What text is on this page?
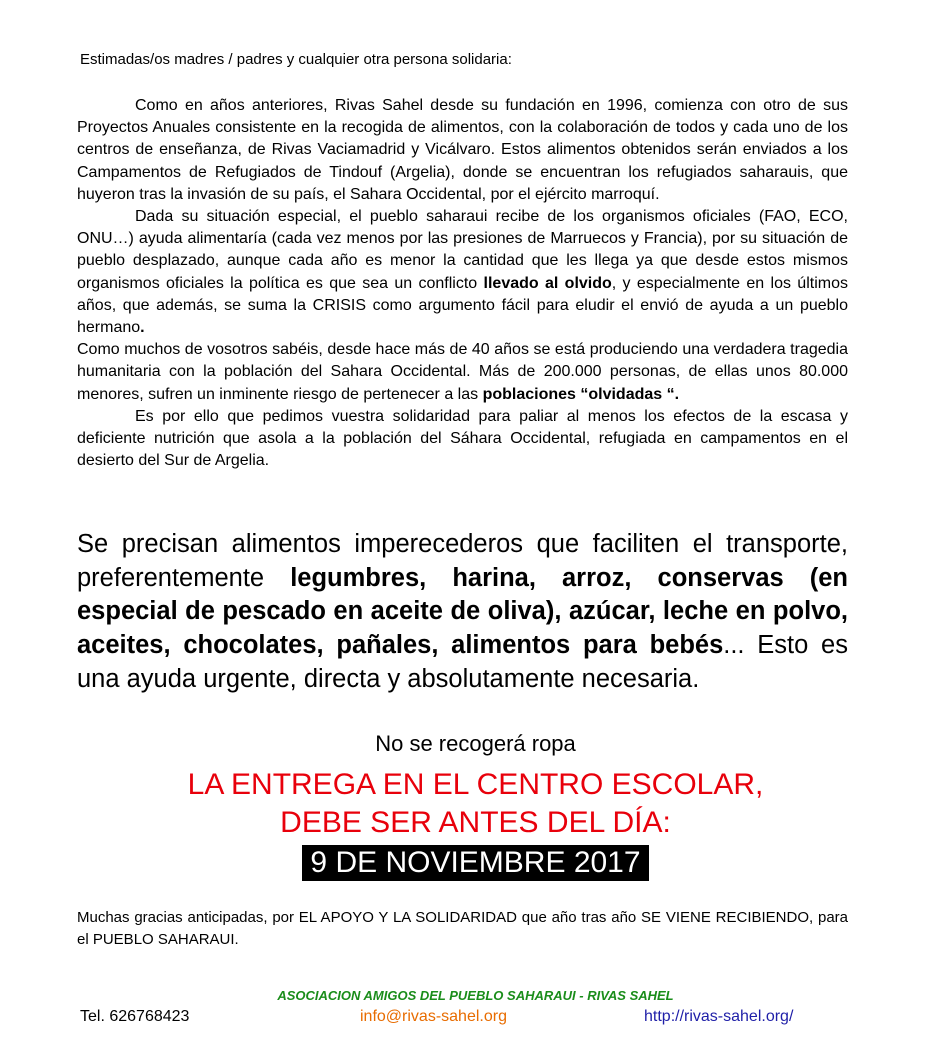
Estimadas/os madres / padres y cualquier otra persona solidaria:

Como en años anteriores, Rivas Sahel desde su fundación en 1996, comienza con otro de sus Proyectos Anuales consistente en la recogida de alimentos, con la colaboración de todos y cada uno de los centros de enseñanza, de Rivas Vaciamadrid y Vicálvaro. Estos alimentos obtenidos serán enviados a los Campamentos de Refugiados de Tindouf (Argelia), donde se encuentran los refugiados saharauis, que huyeron tras la invasión de su país, el Sahara Occidental, por el ejército marroquí.

Dada su situación especial, el pueblo saharaui recibe de los organismos oficiales (FAO, ECO, ONU…) ayuda alimentaría (cada vez menos por las presiones de Marruecos y Francia), por su situación de pueblo desplazado, aunque cada año es menor la cantidad que les llega ya que desde estos mismos organismos oficiales la política es que sea un conflicto llevado al olvido, y especialmente en los últimos años, que además, se suma la CRISIS como argumento fácil para eludir el envió de ayuda a un pueblo hermano.

Como muchos de vosotros sabéis, desde hace más de 40 años se está produciendo una verdadera tragedia humanitaria con la población del Sahara Occidental. Más de 200.000 personas, de ellas unos 80.000 menores, sufren un inminente riesgo de pertenecer a las poblaciones “olvidadas “.

Es por ello que pedimos vuestra solidaridad para paliar al menos los efectos de la escasa y deficiente nutrición que asola a la población del Sáhara Occidental, refugiada en campamentos en el desierto del Sur de Argelia.

Se precisan alimentos imperecederos que faciliten el transporte, preferentemente legumbres, harina, arroz, conservas (en especial de pescado en aceite de oliva), azúcar, leche en polvo, aceites, chocolates, pañales, alimentos para bebés... Esto es una ayuda urgente, directa y absolutamente necesaria.

No se recogerá ropa
LA ENTREGA EN EL CENTRO ESCOLAR,
DEBE SER ANTES DEL DÍA:
9 DE NOVIEMBRE 2017
Muchas gracias anticipadas, por EL APOYO Y LA SOLIDARIDAD que año tras año SE VIENE RECIBIENDO, para el PUEBLO SAHARAUI.
ASOCIACION AMIGOS DEL PUEBLO SAHARAUI - RIVAS SAHEL
Tel. 626768423	info@rivas-sahel.org	http://rivas-sahel.org/
